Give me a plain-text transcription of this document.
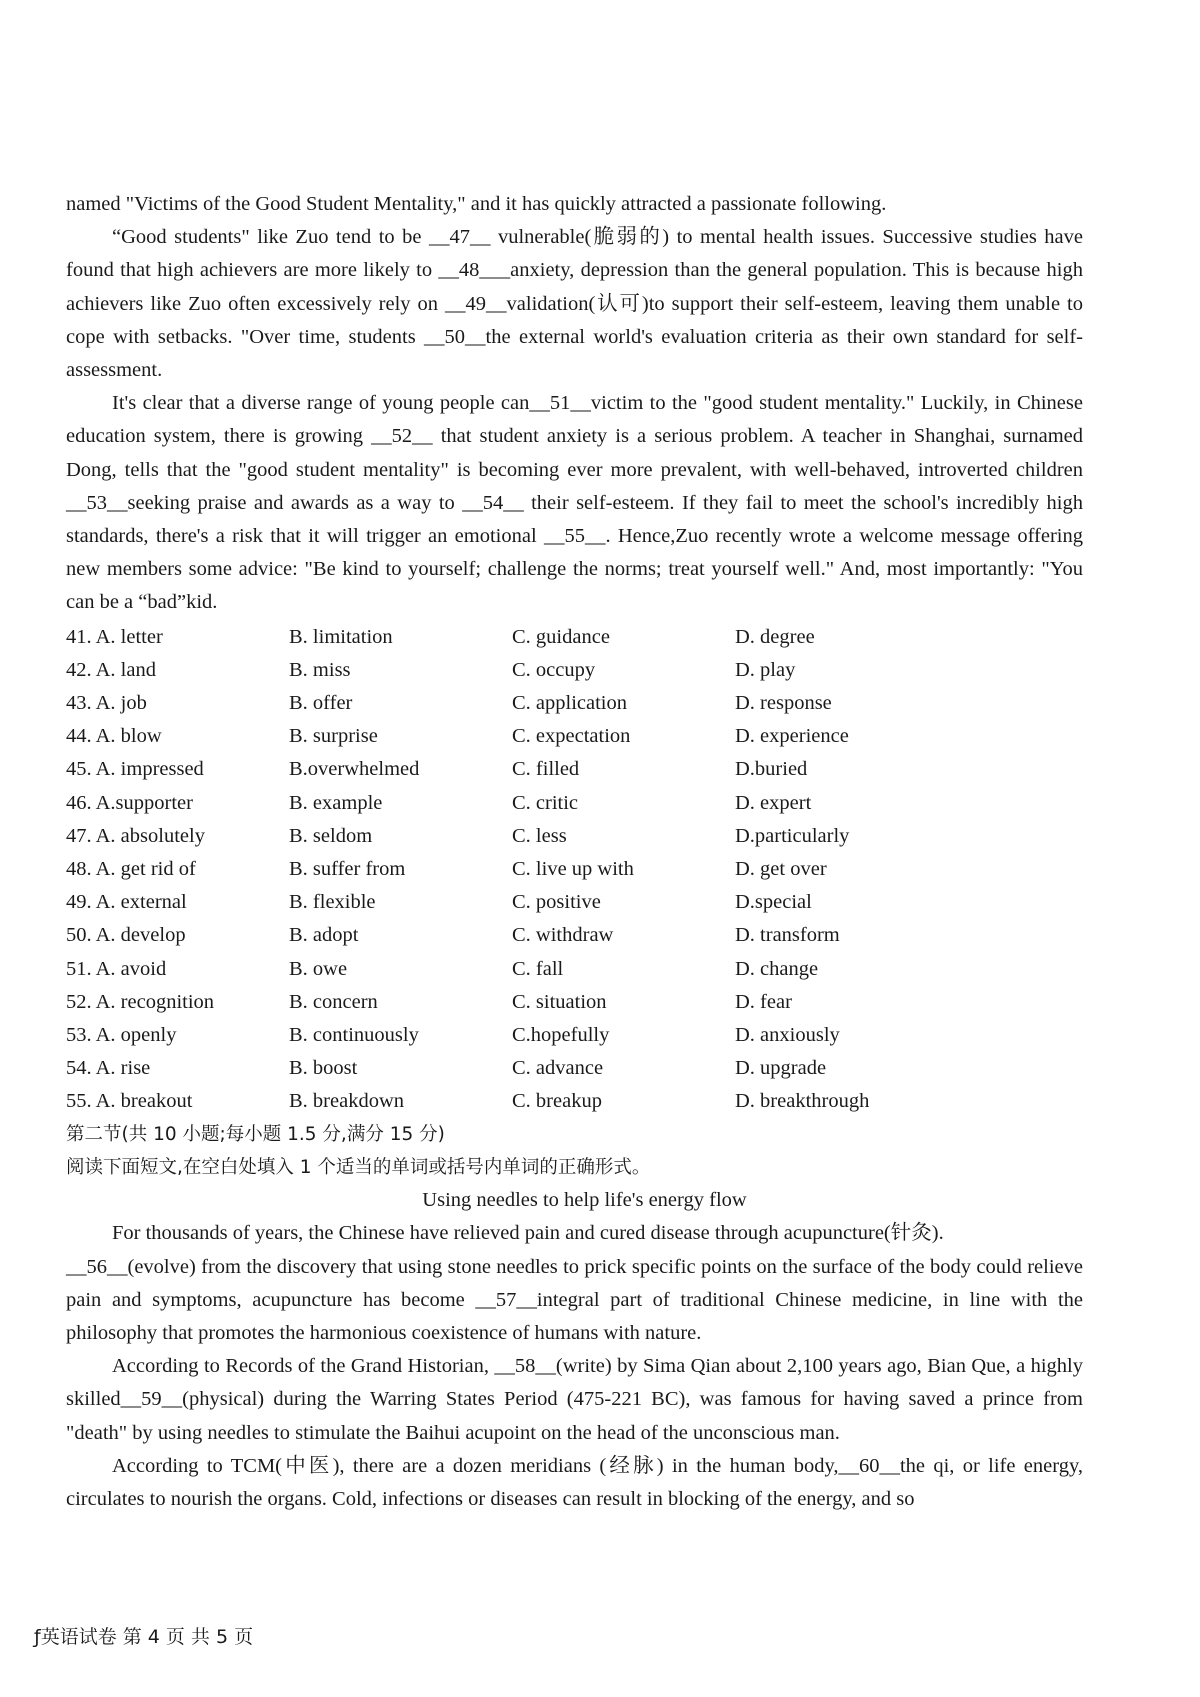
named "Victims of the Good Student Mentality," and it has quickly attracted a passionate following.

“Good students" like Zuo tend to be __47__ vulnerable(脆弱的) to mental health issues. Successive studies have found that high achievers are more likely to __48___anxiety, depression than the general population. This is because high achievers like Zuo often excessively rely on __49__validation(认可)to support their self-esteem, leaving them unable to cope with setbacks. "Over time, students __50__the external world's evaluation criteria as their own standard for self-assessment.

It's clear that a diverse range of young people can__51__victim to the "good student mentality." Luckily, in Chinese education system, there is growing __52__ that student anxiety is a serious problem. A teacher in Shanghai, surnamed Dong, tells that the "good student mentality" is becoming ever more prevalent, with well-behaved, introverted children __53__seeking praise and awards as a way to __54__ their self-esteem. If they fail to meet the school's incredibly high standards, there's a risk that it will trigger an emotional __55__. Hence,Zuo recently wrote a welcome message offering new members some advice: "Be kind to yourself; challenge the norms; treat yourself well." And, most importantly: "You can be a “bad”kid.

41. A. letter	B. limitation	C. guidance	D. degree
42. A. land	B. miss	C. occupy	D. play
43. A. job	B. offer	C. application	D. response
44. A. blow	B. surprise	C. expectation	D. experience
45. A. impressed	B.overwhelmed	C. filled	D.buried
46. A.supporter	B. example	C. critic	D. expert
47. A. absolutely	B. seldom	C. less	D.particularly
48. A. get rid of	B. suffer from	C. live up with	D. get over
49. A. external	B. flexible	C. positive	D.special
50. A. develop	B. adopt	C. withdraw	D. transform
51. A. avoid	B. owe	C. fall	D. change
52. A. recognition	B. concern	C. situation	D. fear
53. A. openly	B. continuously	C.hopefully	D. anxiously
54. A. rise	B. boost	C. advance	D. upgrade
55. A. breakout	B. breakdown	C. breakup	D. breakthrough

第二节(共 10 小题;每小题 1.5 分,满分 15 分)

阅读下面短文,在空白处填入 1 个适当的单词或括号内单词的正确形式。

Using needles to help life's energy flow

For thousands of years, the Chinese have relieved pain and cured disease through acupuncture(针灸).

__56__(evolve) from the discovery that using stone needles to prick specific points on the surface of the body could relieve pain and symptoms, acupuncture has become __57__integral part of traditional Chinese medicine, in line with the philosophy that promotes the harmonious coexistence of humans with nature.

According to Records of the Grand Historian, __58__(write) by Sima Qian about 2,100 years ago, Bian Que, a highly skilled__59__(physical) during the Warring States Period (475-221 BC), was famous for having saved a prince from "death" by using needles to stimulate the Baihui acupoint on the head of the unconscious man.

According to TCM(中医), there are a dozen meridians (经脉) in the human body,__60__the qi, or life energy, circulates to nourish the organs. Cold, infections or diseases can result in blocking of the energy, and so

ƒ英语试卷 第 4 页 共 5 页
